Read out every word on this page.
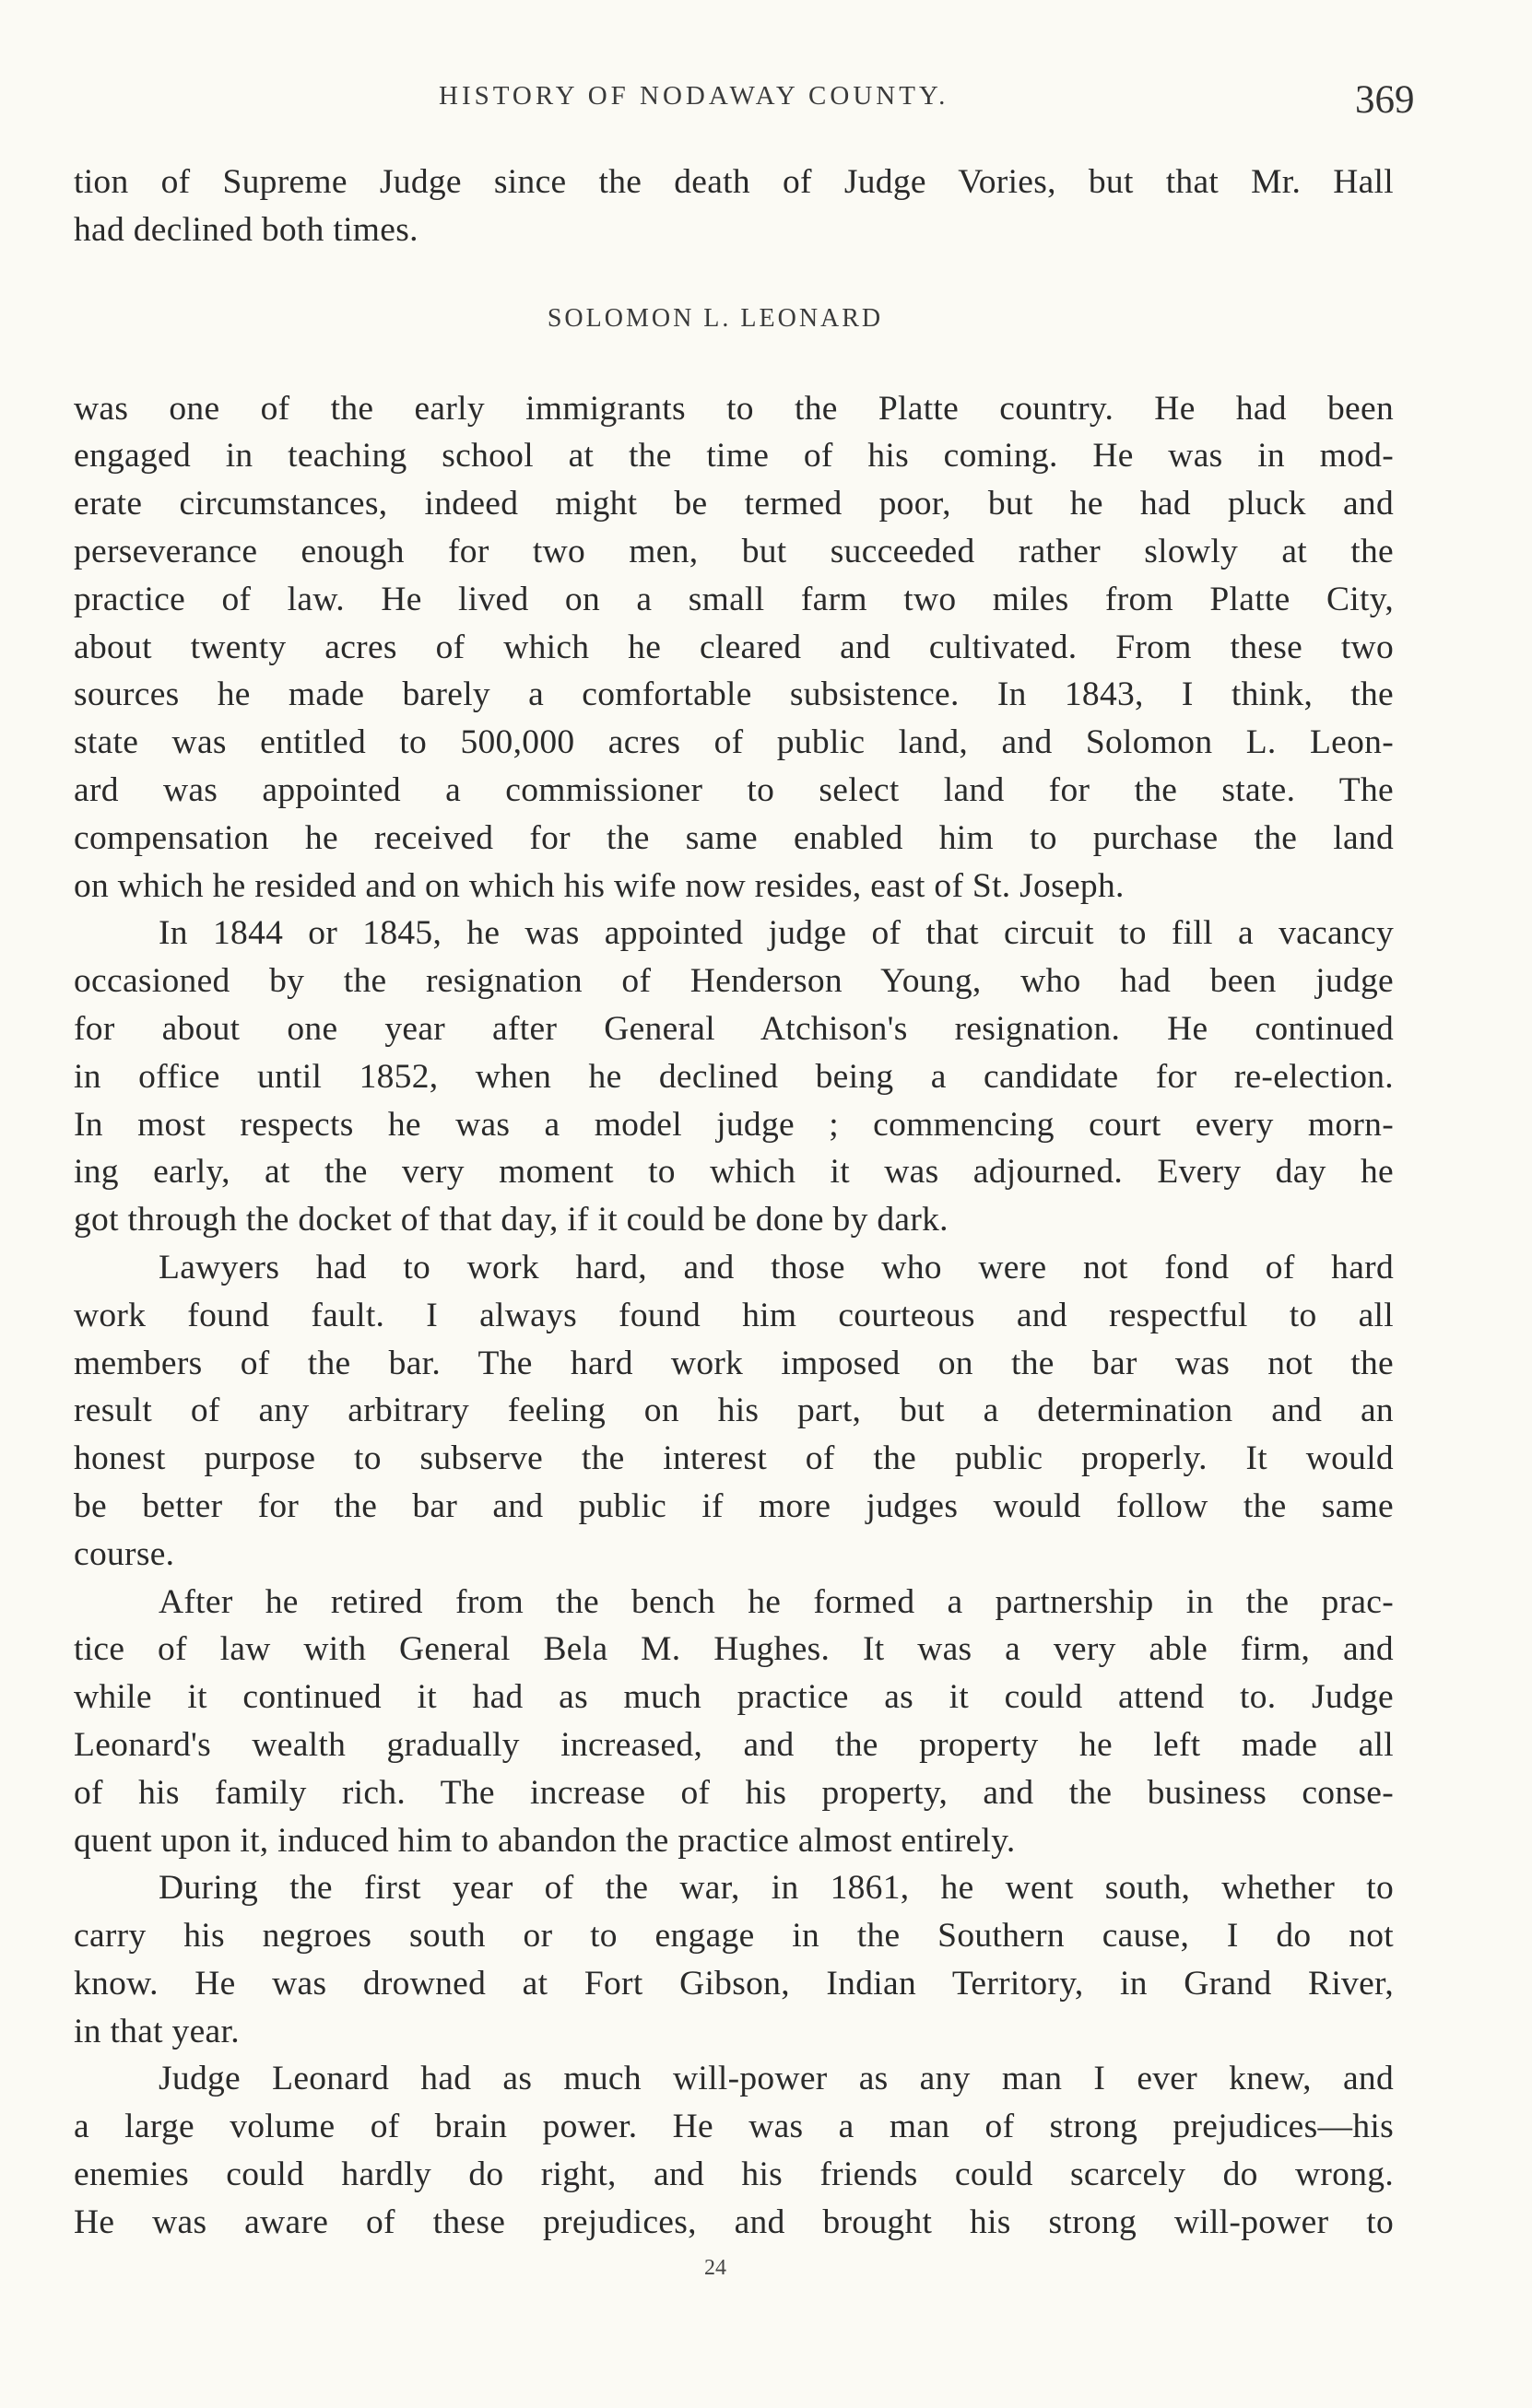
HISTORY OF NODAWAY COUNTY.	369
tion of Supreme Judge since the death of Judge Vories, but that Mr. Hall
had declined both times.
SOLOMON L. LEONARD
was one of the early immigrants to the Platte country. He had been
engaged in teaching school at the time of his coming. He was in mod-
erate circumstances, indeed might be termed poor, but he had pluck and
perseverance enough for two men, but succeeded rather slowly at the
practice of law. He lived on a small farm two miles from Platte City,
about twenty acres of which he cleared and cultivated. From these two
sources he made barely a comfortable subsistence. In 1843, I think, the
state was entitled to 500,000 acres of public land, and Solomon L. Leon-
ard was appointed a commissioner to select land for the state. The
compensation he received for the same enabled him to purchase the land
on which he resided and on which his wife now resides, east of St. Joseph.
In 1844 or 1845, he was appointed judge of that circuit to fill a vacancy
occasioned by the resignation of Henderson Young, who had been judge
for about one year after General Atchison's resignation. He continued
in office until 1852, when he declined being a candidate for re-election.
In most respects he was a model judge ; commencing court every morn-
ing early, at the very moment to which it was adjourned. Every day he
got through the docket of that day, if it could be done by dark.
Lawyers had to work hard, and those who were not fond of hard
work found fault. I always found him courteous and respectful to all
members of the bar. The hard work imposed on the bar was not the
result of any arbitrary feeling on his part, but a determination and an
honest purpose to subserve the interest of the public properly. It would
be better for the bar and public if more judges would follow the same
course.
After he retired from the bench he formed a partnership in the prac-
tice of law with General Bela M. Hughes. It was a very able firm, and
while it continued it had as much practice as it could attend to. Judge
Leonard's wealth gradually increased, and the property he left made all
of his family rich. The increase of his property, and the business conse-
quent upon it, induced him to abandon the practice almost entirely.
During the first year of the war, in 1861, he went south, whether to
carry his negroes south or to engage in the Southern cause, I do not
know. He was drowned at Fort Gibson, Indian Territory, in Grand River,
in that year.
Judge Leonard had as much will-power as any man I ever knew, and
a large volume of brain power. He was a man of strong prejudices—his
enemies could hardly do right, and his friends could scarcely do wrong.
He was aware of these prejudices, and brought his strong will-power to
24
